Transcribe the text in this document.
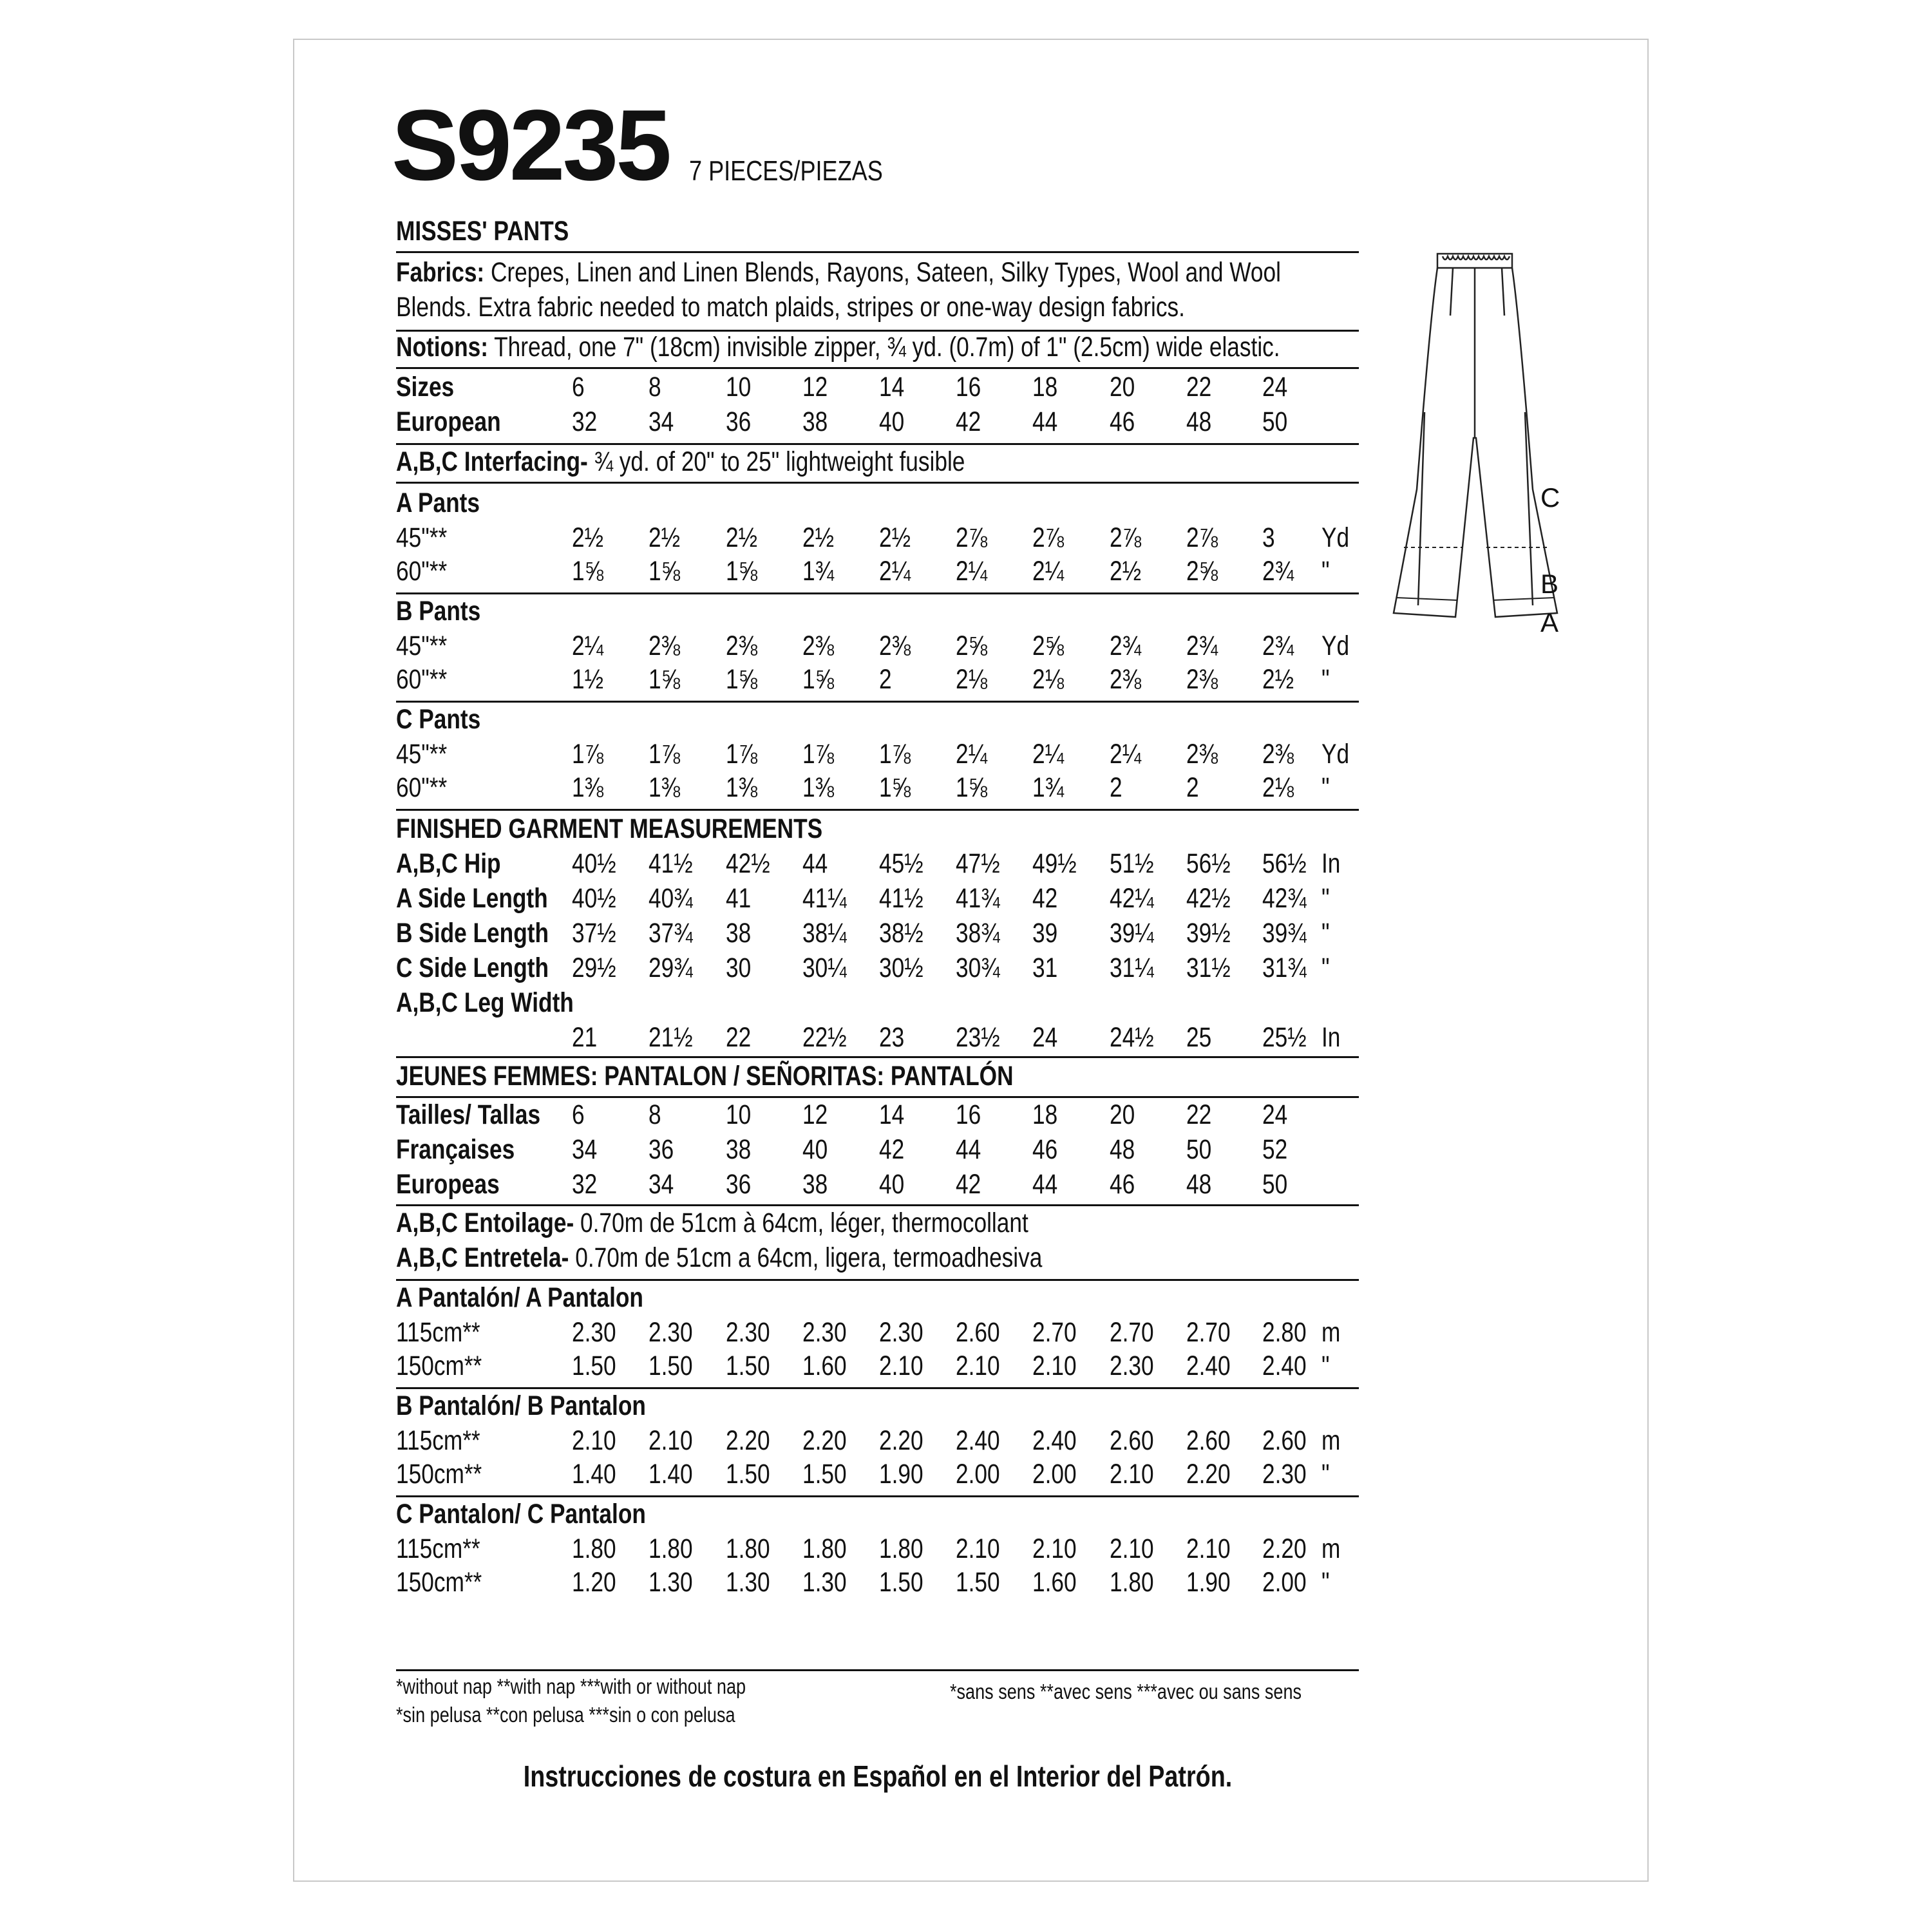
S9235 7 PIECES/PIEZAS
MISSES' PANTS
Fabrics: Crepes, Linen and Linen Blends, Rayons, Sateen, Silky Types, Wool and Wool
Blends. Extra fabric needed to match plaids, stripes or one-way design fabrics.
Notions: Thread, one 7" (18cm) invisible zipper, ¾ yd. (0.7m) of 1" (2.5cm) wide elastic.
Sizes	6 8 10 12 14 16 18 20 22 24
European	32 34 36 38 40 42 44 46 48 50
A,B,C Interfacing- ¾ yd. of 20" to 25" lightweight fusible
A Pants
45"**	2½ 2½ 2½ 2½ 2½ 2⅞ 2⅞ 2⅞ 2⅞ 3 Yd
60"**	1⅝ 1⅝ 1⅝ 1¾ 2¼ 2¼ 2¼ 2½ 2⅝ 2¾ "
B Pants
45"**	2¼ 2⅜ 2⅜ 2⅜ 2⅜ 2⅝ 2⅝ 2¾ 2¾ 2¾ Yd
60"**	1½ 1⅝ 1⅝ 1⅝ 2 2⅛ 2⅛ 2⅜ 2⅜ 2½ "
C Pants
45"**	1⅞ 1⅞ 1⅞ 1⅞ 1⅞ 2¼ 2¼ 2¼ 2⅜ 2⅜ Yd
60"**	1⅜ 1⅜ 1⅜ 1⅜ 1⅝ 1⅝ 1¾ 2 2 2⅛ "
FINISHED GARMENT MEASUREMENTS
A,B,C Hip	40½ 41½ 42½ 44 45½ 47½ 49½ 51½ 56½ 56½ In
A Side Length 40½ 40¾ 41 41¼ 41½ 41¾ 42 42¼ 42½ 42¾ "
B Side Length 37½ 37¾ 38 38¼ 38½ 38¾ 39 39¼ 39½ 39¾ "
C Side Length 29½ 29¾ 30 30¼ 30½ 30¾ 31 31¼ 31½ 31¾ "
A,B,C Leg Width
21 21½ 22 22½ 23 23½ 24 24½ 25 25½ In
JEUNES FEMMES: PANTALON / SEÑORITAS: PANTALÓN
Tailles/ Tallas 6 8 10 12 14 16 18 20 22 24
Françaises 34 36 38 40 42 44 46 48 50 52
Europeas	32 34 36 38 40 42 44 46 48 50
A,B,C Entoilage- 0.70m de 51cm à 64cm, léger, thermocollant
A,B,C Entretela- 0.70m de 51cm a 64cm, ligera, termoadhesiva
A Pantalón/ A Pantalon
115cm**	2.30 2.30 2.30 2.30 2.30 2.60 2.70 2.70 2.70 2.80 m
150cm**	1.50 1.50 1.50 1.60 2.10 2.10 2.10 2.30 2.40 2.40 "
B Pantalón/ B Pantalon
115cm**	2.10 2.10 2.20 2.20 2.20 2.40 2.40 2.60 2.60 2.60 m
150cm**	1.40 1.40 1.50 1.50 1.90 2.00 2.00 2.10 2.20 2.30 "
C Pantalon/ C Pantalon
115cm**	1.80 1.80 1.80 1.80 1.80 2.10 2.10 2.10 2.10 2.20 m
150cm**	1.20 1.30 1.30 1.30 1.50 1.50 1.60 1.80 1.90 2.00 "
*without nap **with nap ***with or without nap
*sin pelusa **con pelusa ***sin o con pelusa
*sans sens **avec sens ***avec ou sans sens
C
B
A
Instrucciones de costura en Español en el Interior del Patrón.
